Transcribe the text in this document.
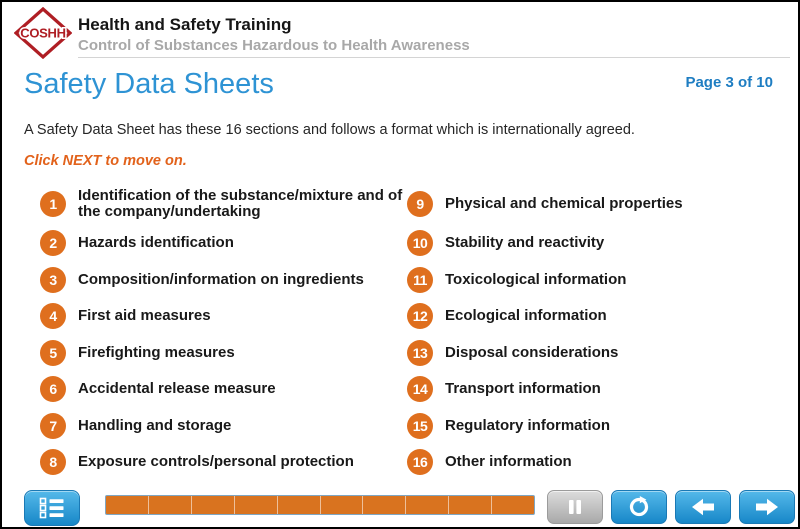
COSHH Health and Safety Training
Control of Substances Hazardous to Health Awareness
Safety Data Sheets	Page 3 of 10
A Safety Data Sheet has these 16 sections and follows a format which is internationally agreed.
Click NEXT to move on.
1
Identification of the substance/mixture and of the company/undertaking
2	Hazards identification
3	Composition/information on ingredients
4	First aid measures
5	Firefighting measures
6	Accidental release measure
7	Handling and storage
8	Exposure controls/personal protection
9	Physical and chemical properties
10	Stability and reactivity
11	Toxicological information
12	Ecological information
13	Disposal considerations
14	Transport information
15	Regulatory information
16	Other information
